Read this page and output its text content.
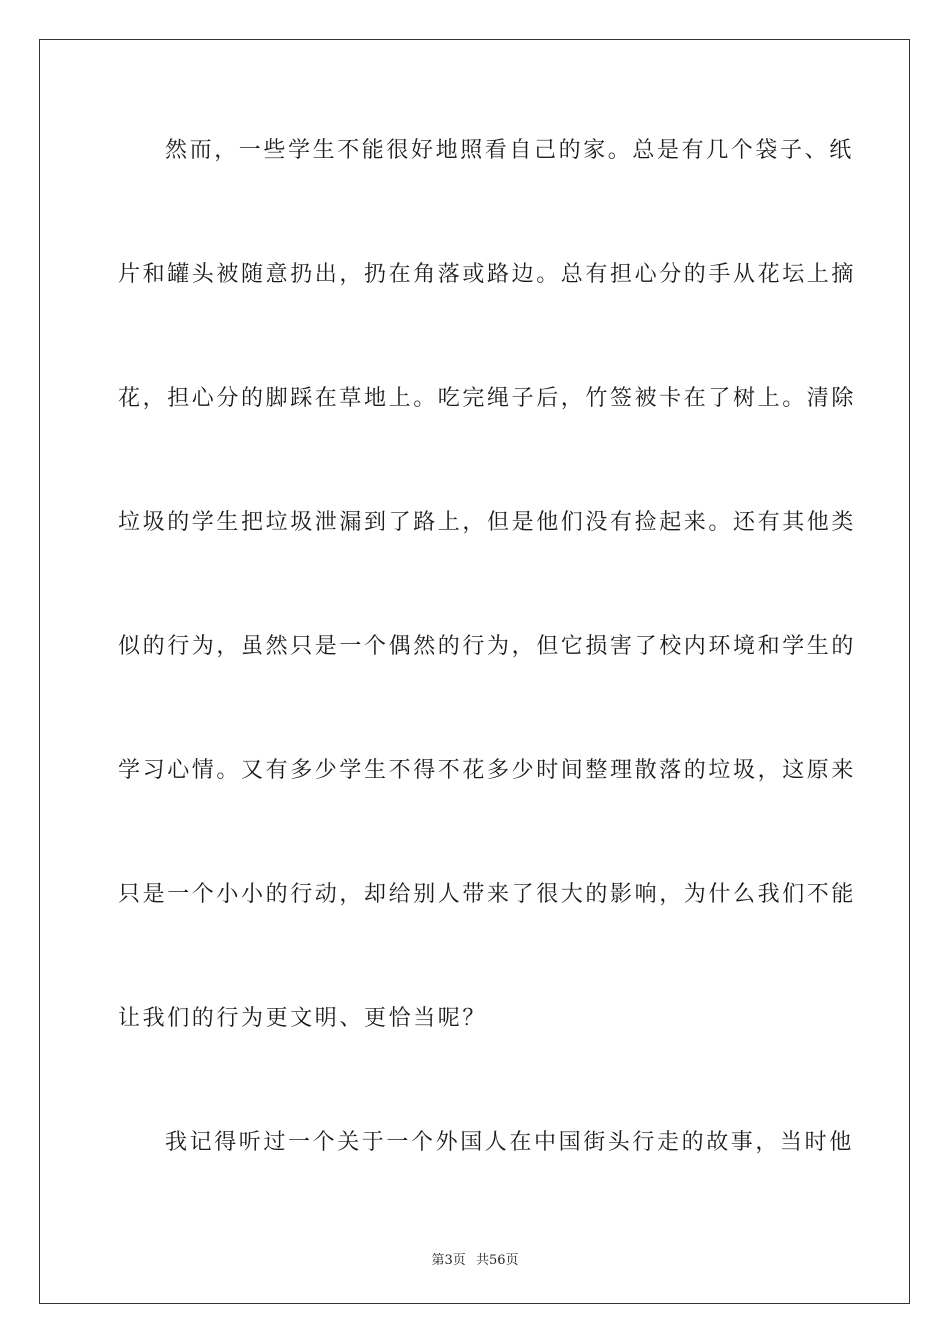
然而，一些学生不能很好地照看自己的家。总是有几个袋子、纸
片和罐头被随意扔出，扔在角落或路边。总有担心分的手从花坛上摘
花，担心分的脚踩在草地上。吃完绳子后，竹签被卡在了树上。清除
垃圾的学生把垃圾泄漏到了路上，但是他们没有捡起来。还有其他类
似的行为，虽然只是一个偶然的行为，但它损害了校内环境和学生的
学习心情。又有多少学生不得不花多少时间整理散落的垃圾，这原来
只是一个小小的行动，却给别人带来了很大的影响，为什么我们不能
让我们的行为更文明、更恰当呢？
我记得听过一个关于一个外国人在中国街头行走的故事，当时他
第3页 共56页
